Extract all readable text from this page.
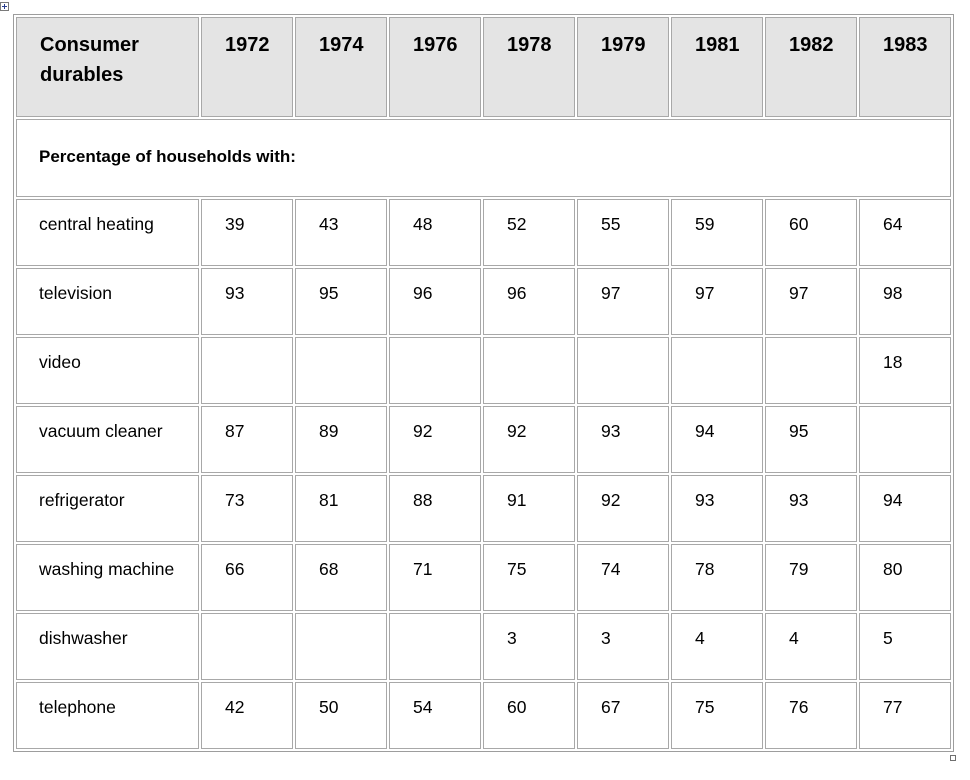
Consumer durables	1972	1974	1976	1978	1979	1981	1982	1983
Percentage of households with:								
central heating	39	43	48	52	55	59	60	64
television	93	95	96	96	97	97	97	98
video								18
vacuum cleaner	87	89	92	92	93	94	95	
refrigerator	73	81	88	91	92	93	93	94
washing machine	66	68	71	75	74	78	79	80
dishwasher				3	3	4	4	5
telephone	42	50	54	60	67	75	76	77
